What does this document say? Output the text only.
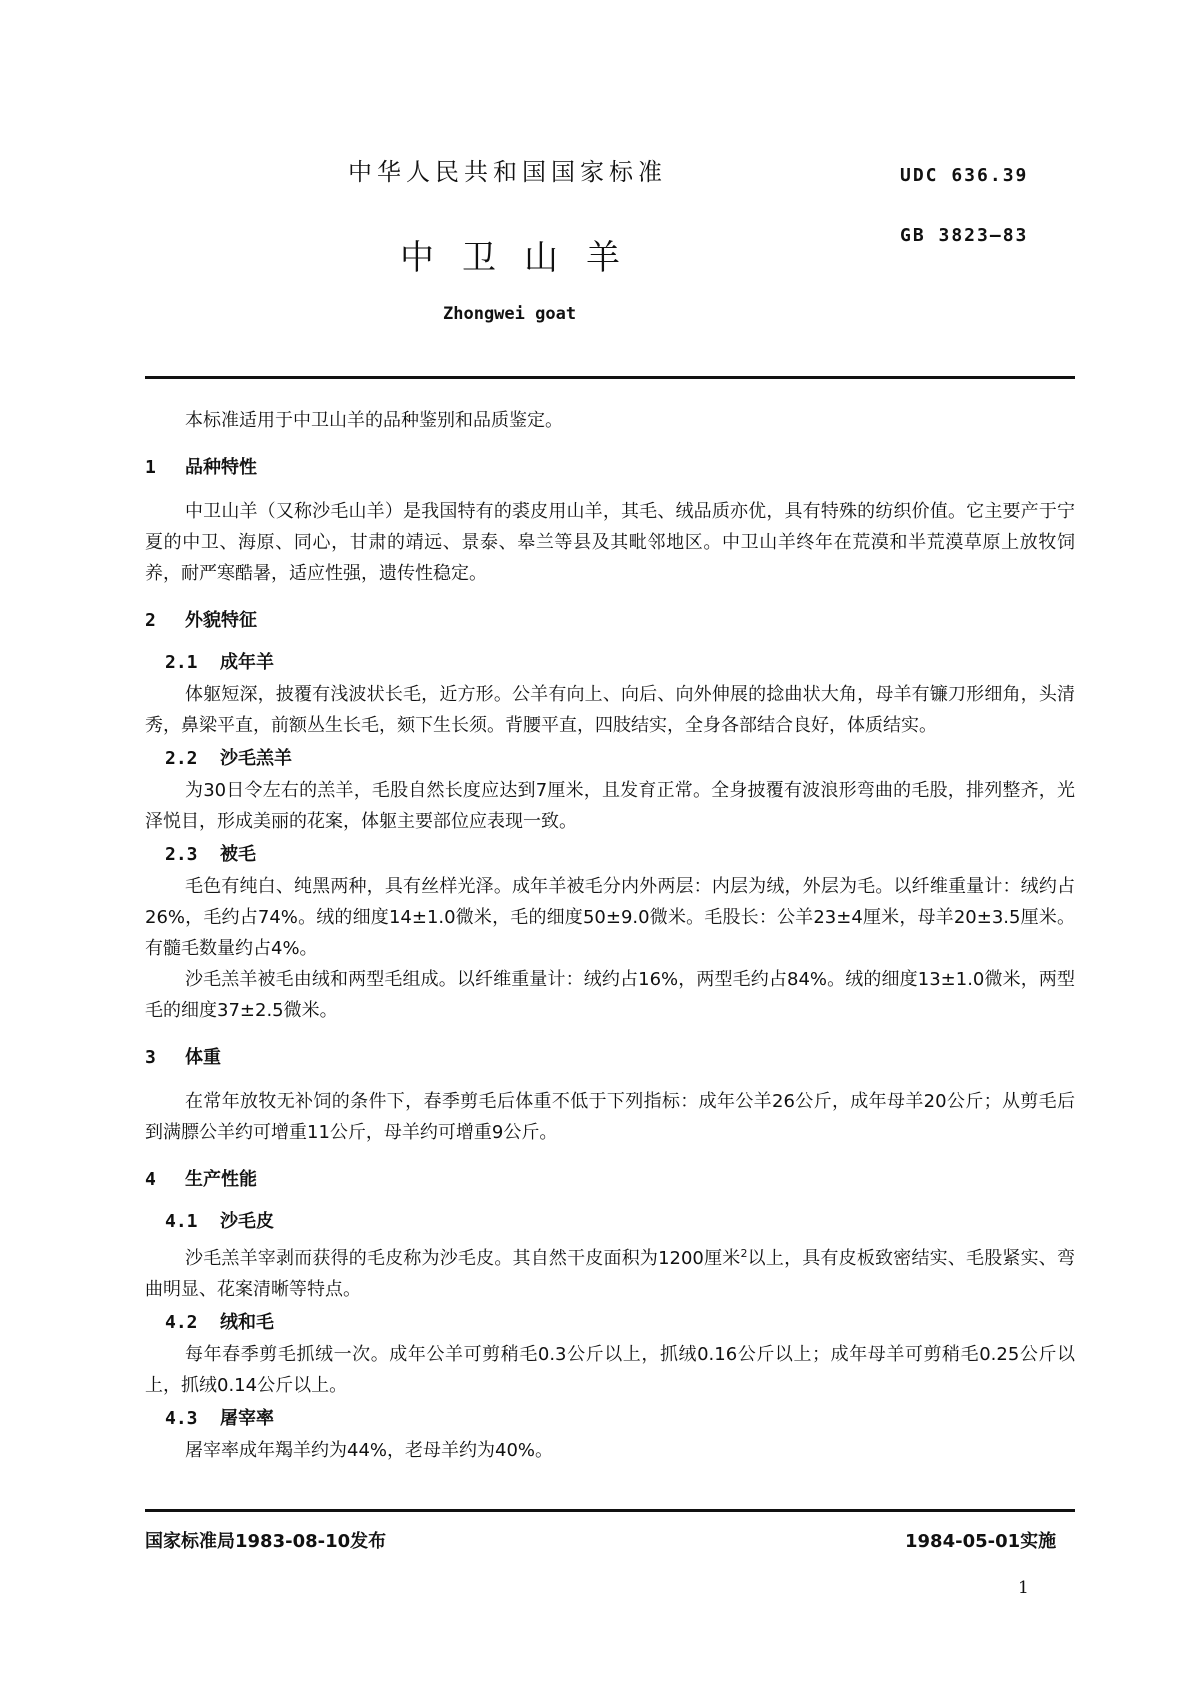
中华人民共和国国家标准	UDC 636.39
中卫山羊
GB 3823—83
Zhongwei goat

本标准适用于中卫山羊的品种鉴别和品质鉴定。

1 品种特性

中卫山羊（又称沙毛山羊）是我国特有的裘皮用山羊，其毛、绒品质亦优，具有特殊的纺织价值。它主要产于宁夏的中卫、海原、同心，甘肃的靖远、景泰、皋兰等县及其毗邻地区。中卫山羊终年在荒漠和半荒漠草原上放牧饲养，耐严寒酷暑，适应性强，遗传性稳定。

2 外貌特征
2.1 成年羊

体躯短深，披覆有浅波状长毛，近方形。公羊有向上、向后、向外伸展的捻曲状大角，母羊有镰刀形细角，头清秀，鼻梁平直，前额丛生长毛，颏下生长须。背腰平直，四肢结实，全身各部结合良好，体质结实。

2.2 沙毛羔羊

为30日令左右的羔羊，毛股自然长度应达到7厘米，且发育正常。全身披覆有波浪形弯曲的毛股，排列整齐，光泽悦目，形成美丽的花案，体躯主要部位应表现一致。

2.3 被毛

毛色有纯白、纯黑两种，具有丝样光泽。成年羊被毛分内外两层：内层为绒，外层为毛。以纤维重量计：绒约占26%，毛约占74%。绒的细度14±1.0微米，毛的细度50±9.0微米。毛股长：公羊23±4厘米，母羊20±3.5厘米。有髓毛数量约占4%。

沙毛羔羊被毛由绒和两型毛组成。以纤维重量计：绒约占16%，两型毛约占84%。绒的细度13±1.0微米，两型毛的细度37±2.5微米。

3 体重

在常年放牧无补饲的条件下，春季剪毛后体重不低于下列指标：成年公羊26公斤，成年母羊20公斤；从剪毛后到满膘公羊约可增重11公斤，母羊约可增重9公斤。

4 生产性能
4.1 沙毛皮

沙毛羔羊宰剥而获得的毛皮称为沙毛皮。其自然干皮面积为1200厘米$^2$以上，具有皮板致密结实、毛股紧实、弯曲明显、花案清晰等特点。

4.2 绒和毛

每年春季剪毛抓绒一次。成年公羊可剪稍毛0.3公斤以上，抓绒0.16公斤以上；成年母羊可剪稍毛0.25公斤以上，抓绒0.14公斤以上。

4.3 屠宰率

屠宰率成年羯羊约为44%，老母羊约为40%。

国家标准局1983-08-10发布	1984-05-01实施
1
